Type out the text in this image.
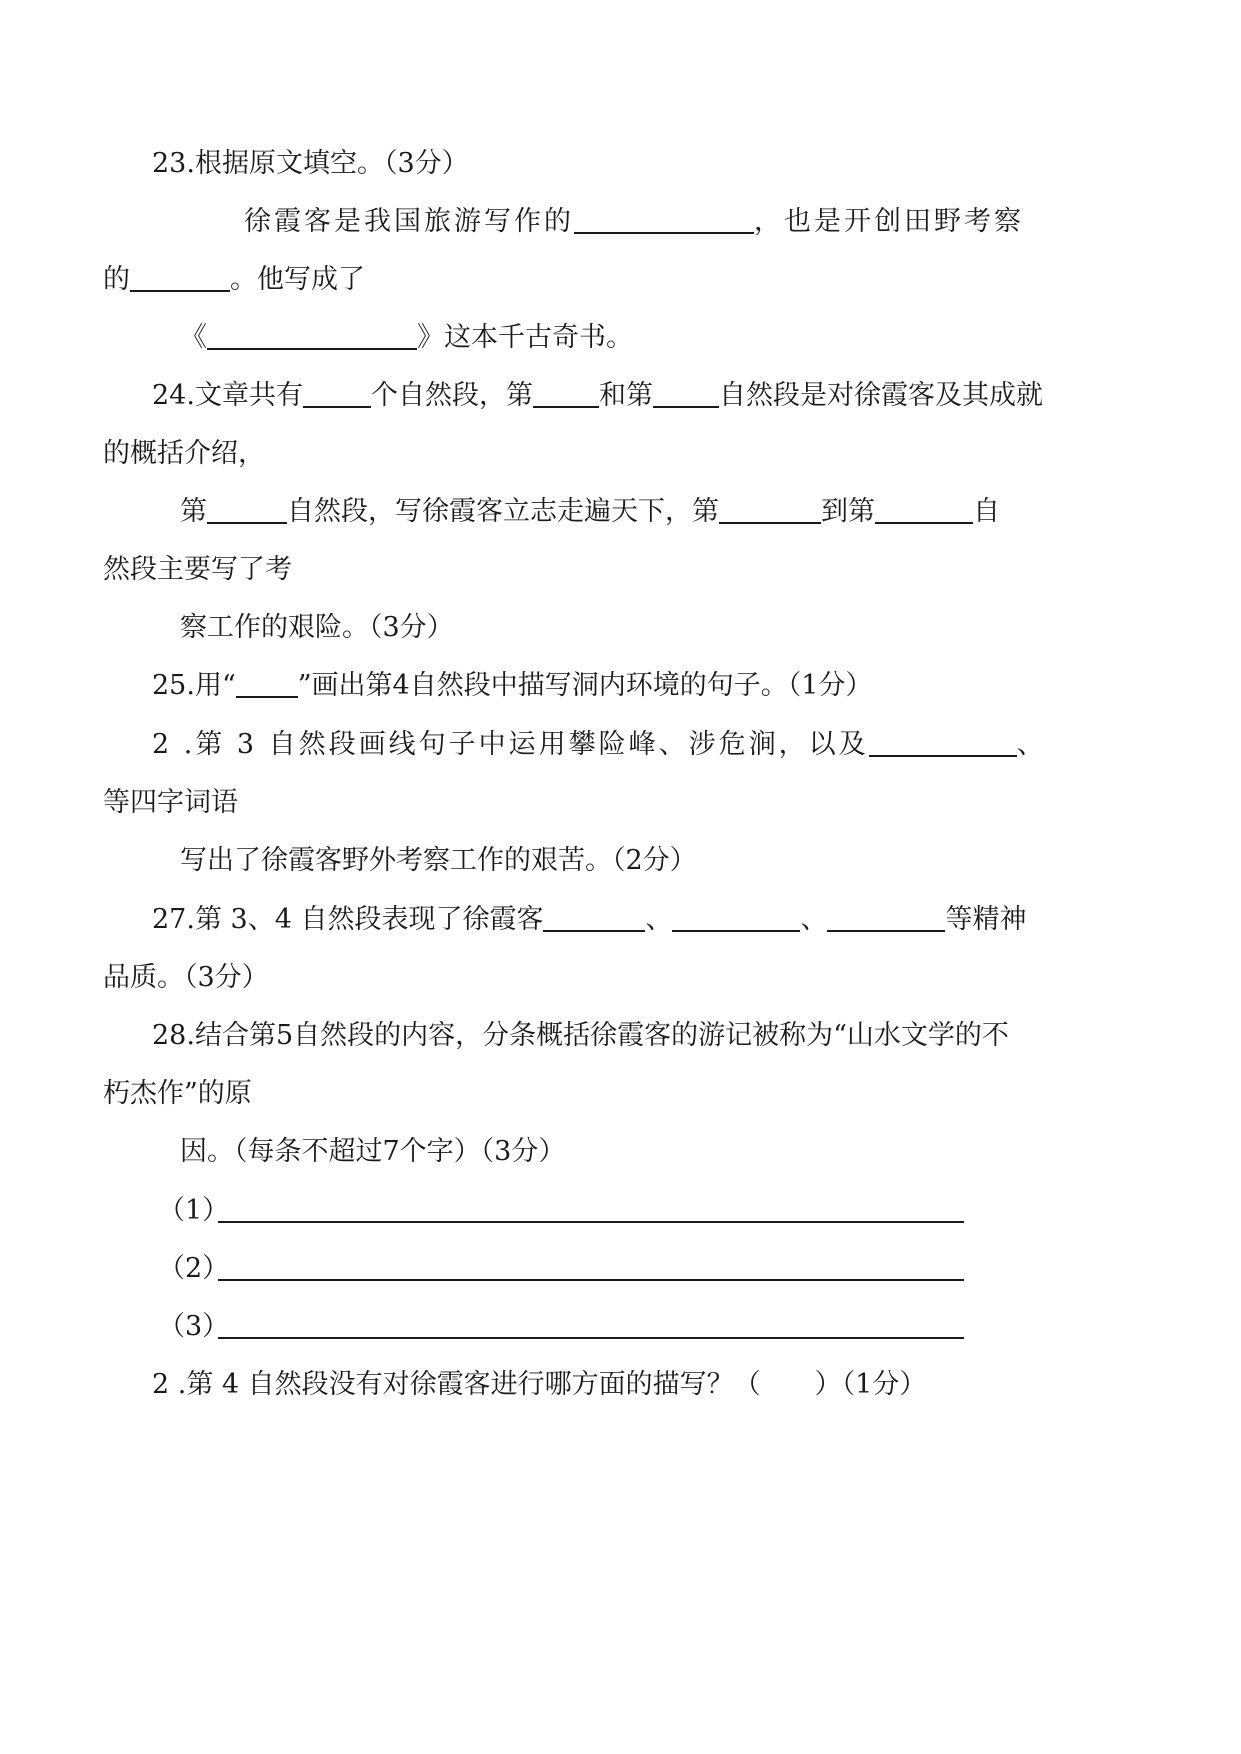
23.根据原文填空。（3分）
徐霞客是我国旅游写作的	，也是开创田野考察
的	。他写成了
《	》这本千古奇书。
24.文章共有	个自然段，第 和第 自然段是对徐霞客及其成就
的概括介绍，
第	自然段，写徐霞客立志走遍天下，第	到第	自
然段主要写了考
察工作的艰险。（3分）
25.用“ ”画出第4自然段中描写洞内环境的句子。（1分）
2 .第 3 自然段画线句子中运用攀险峰、涉危涧，以及	、
等四字词语
写出了徐霞客野外考察工作的艰苦。（2分）
27.第 3、4 自然段表现了徐霞客	、	、	等精神
品质。（3分）
28.结合第5自然段的内容，分条概括徐霞客的游记被称为“山水文学的不
朽杰作”的原
因。（每条不超过7个字）（3分）
（1）
（2）
（3）
2 .第 4 自然段没有对徐霞客进行哪方面的描写？（　　）（1分）
